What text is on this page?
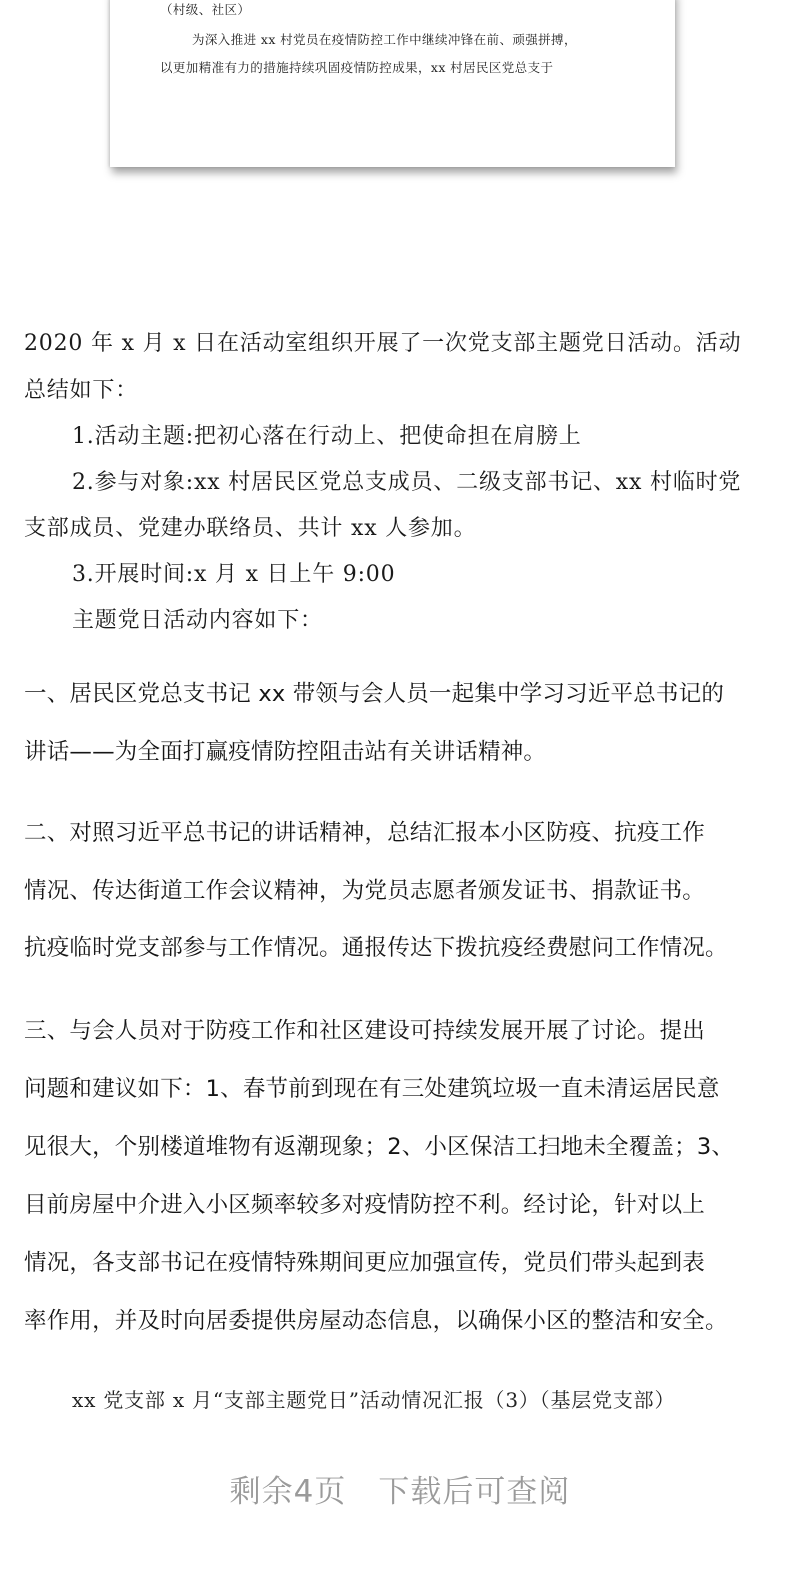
（村级、社区）
为深入推进 xx 村党员在疫情防控工作中继续冲锋在前、顽强拼搏，
以更加精准有力的措施持续巩固疫情防控成果，xx 村居民区党总支于
2020 年 x 月 x 日在活动室组织开展了一次党支部主题党日活动。活动
总结如下：
1.活动主题:把初心落在行动上、把使命担在肩膀上
2.参与对象:xx 村居民区党总支成员、二级支部书记、xx 村临时党
支部成员、党建办联络员、共计 xx 人参加。
3.开展时间:x 月 x 日上午 9:00
主题党日活动内容如下：
一、居民区党总支书记 xx 带领与会人员一起集中学习习近平总书记的
讲话——为全面打赢疫情防控阻击站有关讲话精神。
二、对照习近平总书记的讲话精神，总结汇报本小区防疫、抗疫工作
情况、传达街道工作会议精神，为党员志愿者颁发证书、捐款证书。
抗疫临时党支部参与工作情况。通报传达下拨抗疫经费慰问工作情况。
三、与会人员对于防疫工作和社区建设可持续发展开展了讨论。提出
问题和建议如下：1、春节前到现在有三处建筑垃圾一直未清运居民意
见很大，个别楼道堆物有返潮现象；2、小区保洁工扫地未全覆盖；3、
目前房屋中介进入小区频率较多对疫情防控不利。经讨论，针对以上
情况，各支部书记在疫情特殊期间更应加强宣传，党员们带头起到表
率作用，并及时向居委提供房屋动态信息，以确保小区的整洁和安全。
xx 党支部 x 月“支部主题党日”活动情况汇报（3）（基层党支部）
剩余4页　下载后可查阅
